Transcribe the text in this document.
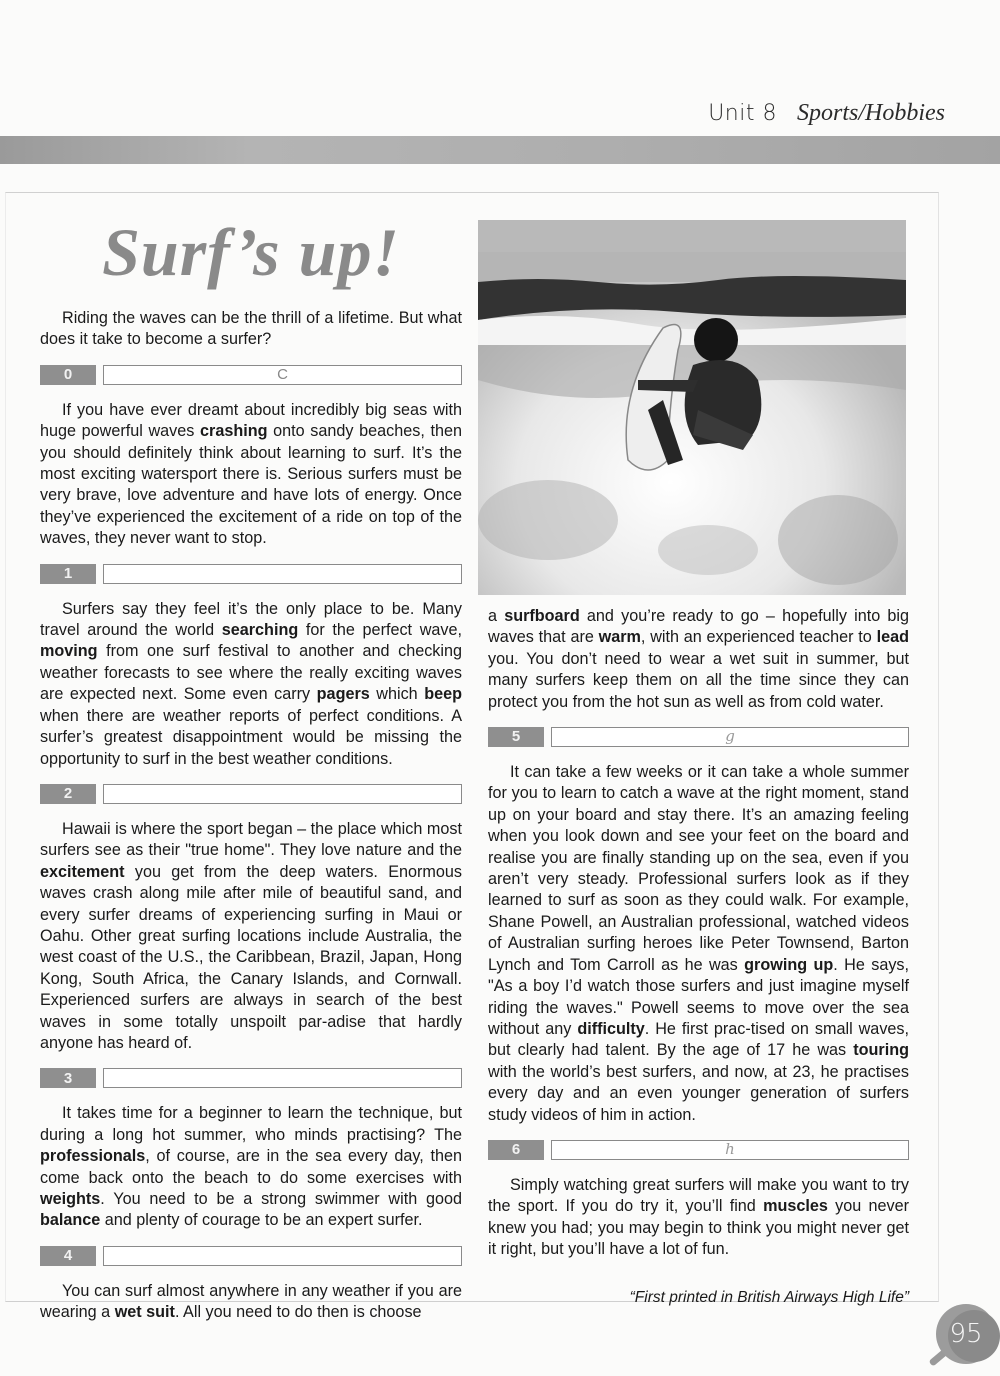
Unit 8 Sports/Hobbies
Surf’s up!

Riding the waves can be the thrill of a lifetime. But what does it take to become a surfer?

0	C

If you have ever dreamt about incredibly big seas with huge powerful waves crashing onto sandy beaches, then you should definitely think about learning to surf. It’s the most exciting watersport there is. Serious surfers must be very brave, love adventure and have lots of energy. Once they’ve experienced the excitement of a ride on top of the waves, they never want to stop.

1

Surfers say they feel it’s the only place to be. Many travel around the world searching for the perfect wave, moving from one surf festival to another and checking weather forecasts to see where the really exciting waves are expected next. Some even carry pagers which beep when there are weather reports of perfect conditions. A surfer’s greatest disappointment would be missing the opportunity to surf in the best weather conditions.

2

Hawaii is where the sport began – the place which most surfers see as their "true home". They love nature and the excitement you get from the deep waters. Enormous waves crash along mile after mile of beautiful sand, and every surfer dreams of experiencing surfing in Maui or Oahu. Other great surfing locations include Australia, the west coast of the U.S., the Caribbean, Brazil, Japan, Hong Kong, South Africa, the Canary Islands, and Cornwall. Experienced surfers are always in search of the best waves in some totally unspoilt par-adise that hardly anyone has heard of.

3

It takes time for a beginner to learn the technique, but during a long hot summer, who minds practising? The professionals, of course, are in the sea every day, then come back onto the beach to do some exercises with weights. You need to be a strong swimmer with good balance and plenty of courage to be an expert surfer.

4

You can surf almost anywhere in any weather if you are wearing a wet suit. All you need to do then is choose

a surfboard and you’re ready to go – hopefully into big waves that are warm, with an experienced teacher to lead you. You don’t need to wear a wet suit in summer, but many surfers keep them on all the time since they can protect you from the hot sun as well as from cold water.

5	g

It can take a few weeks or it can take a whole summer for you to learn to catch a wave at the right moment, stand up on your board and stay there. It’s an amazing feeling when you look down and see your feet on the board and realise you are finally standing up on the sea, even if you aren’t very steady. Professional surfers look as if they learned to surf as soon as they could walk. For example, Shane Powell, an Australian professional, watched videos of Australian surfing heroes like Peter Townsend, Barton Lynch and Tom Carroll as he was growing up. He says, "As a boy I’d watch those surfers and just imagine myself riding the waves." Powell seems to move over the sea without any difficulty. He first prac-tised on small waves, but clearly had talent. By the age of 17 he was touring with the world’s best surfers, and now, at 23, he practises every day and an even younger generation of surfers study videos of him in action.

6	h

Simply watching great surfers will make you want to try the sport. If you do try it, you’ll find muscles you never knew you had; you may begin to think you might never get it right, but you’ll have a lot of fun.

“First printed in British Airways High Life”

95
